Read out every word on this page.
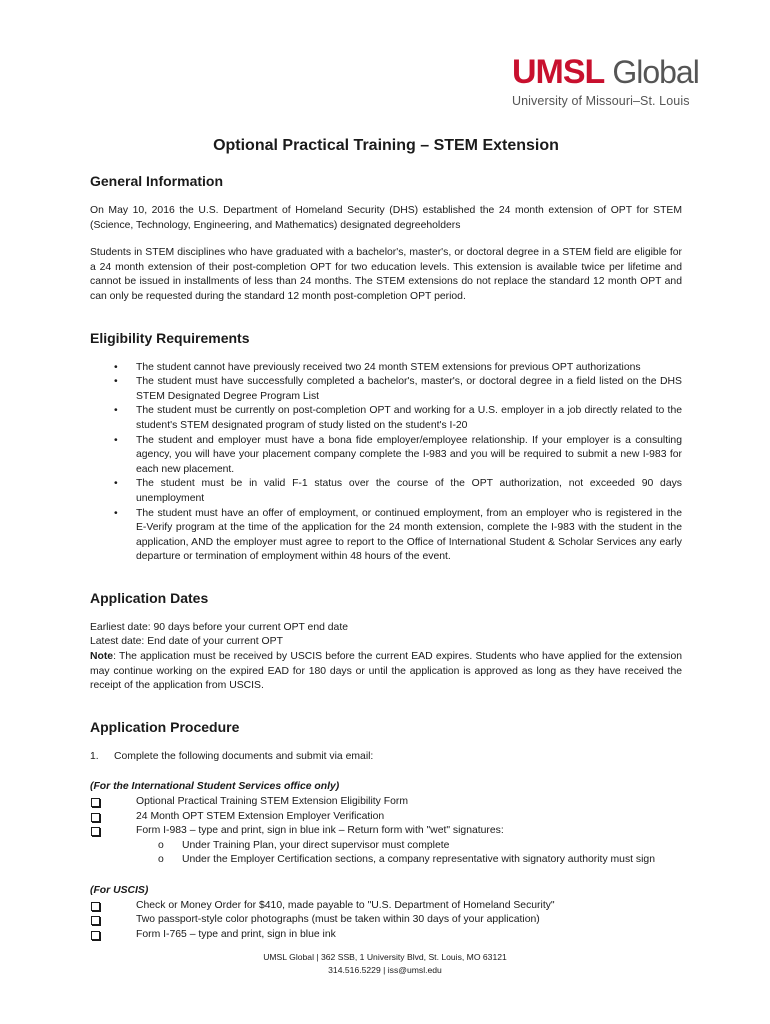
UMSL Global
University of Missouri–St. Louis
Optional Practical Training – STEM Extension
General Information

On May 10, 2016 the U.S. Department of Homeland Security (DHS) established the 24 month extension of OPT for STEM (Science, Technology, Engineering, and Mathematics) designated degreeholders

Students in STEM disciplines who have graduated with a bachelor's, master's, or doctoral degree in a STEM field are eligible for a 24 month extension of their post-completion OPT for two education levels. This extension is available twice per lifetime and cannot be issued in installments of less than 24 months. The STEM extensions do not replace the standard 12 month OPT and can only be requested during the standard 12 month post-completion OPT period.

Eligibility Requirements
• The student cannot have previously received two 24 month STEM extensions for previous OPT authorizations
• The student must have successfully completed a bachelor's, master's, or doctoral degree in a field listed on the DHS STEM Designated Degree Program List
• The student must be currently on post-completion OPT and working for a U.S. employer in a job directly related to the student's STEM designated program of study listed on the student's I-20
• The student and employer must have a bona fide employer/employee relationship. If your employer is a consulting agency, you will have your placement company complete the I-983 and you will be required to submit a new I-983 for each new placement.
• The student must be in valid F-1 status over the course of the OPT authorization, not exceeded 90 days unemployment
• The student must have an offer of employment, or continued employment, from an employer who is registered in the E-Verify program at the time of the application for the 24 month extension, complete the I-983 with the student in the application, AND the employer must agree to report to the Office of International Student & Scholar Services any early departure or termination of employment within 48 hours of the event.
Application Dates

Earliest date: 90 days before your current OPT end date

Latest date: End date of your current OPT

Note: The application must be received by USCIS before the current EAD expires. Students who have applied for the extension may continue working on the expired EAD for 180 days or until the application is approved as long as they have received the receipt of the application from USCIS.

Application Procedure
1. Complete the following documents and submit via email:
(For the International Student Services office only)
Optional Practical Training STEM Extension Eligibility Form
24 Month OPT STEM Extension Employer Verification
Form I-983 – type and print, sign in blue ink – Return form with "wet" signatures:
o Under Training Plan, your direct supervisor must complete
o Under the Employer Certification sections, a company representative with signatory authority must sign
(For USCIS)
Check or Money Order for $410, made payable to "U.S. Department of Homeland Security"
Two passport-style color photographs (must be taken within 30 days of your application)
Form I-765 – type and print, sign in blue ink
UMSL Global | 362 SSB, 1 University Blvd, St. Louis, MO 63121
314.516.5229 | iss@umsl.edu
